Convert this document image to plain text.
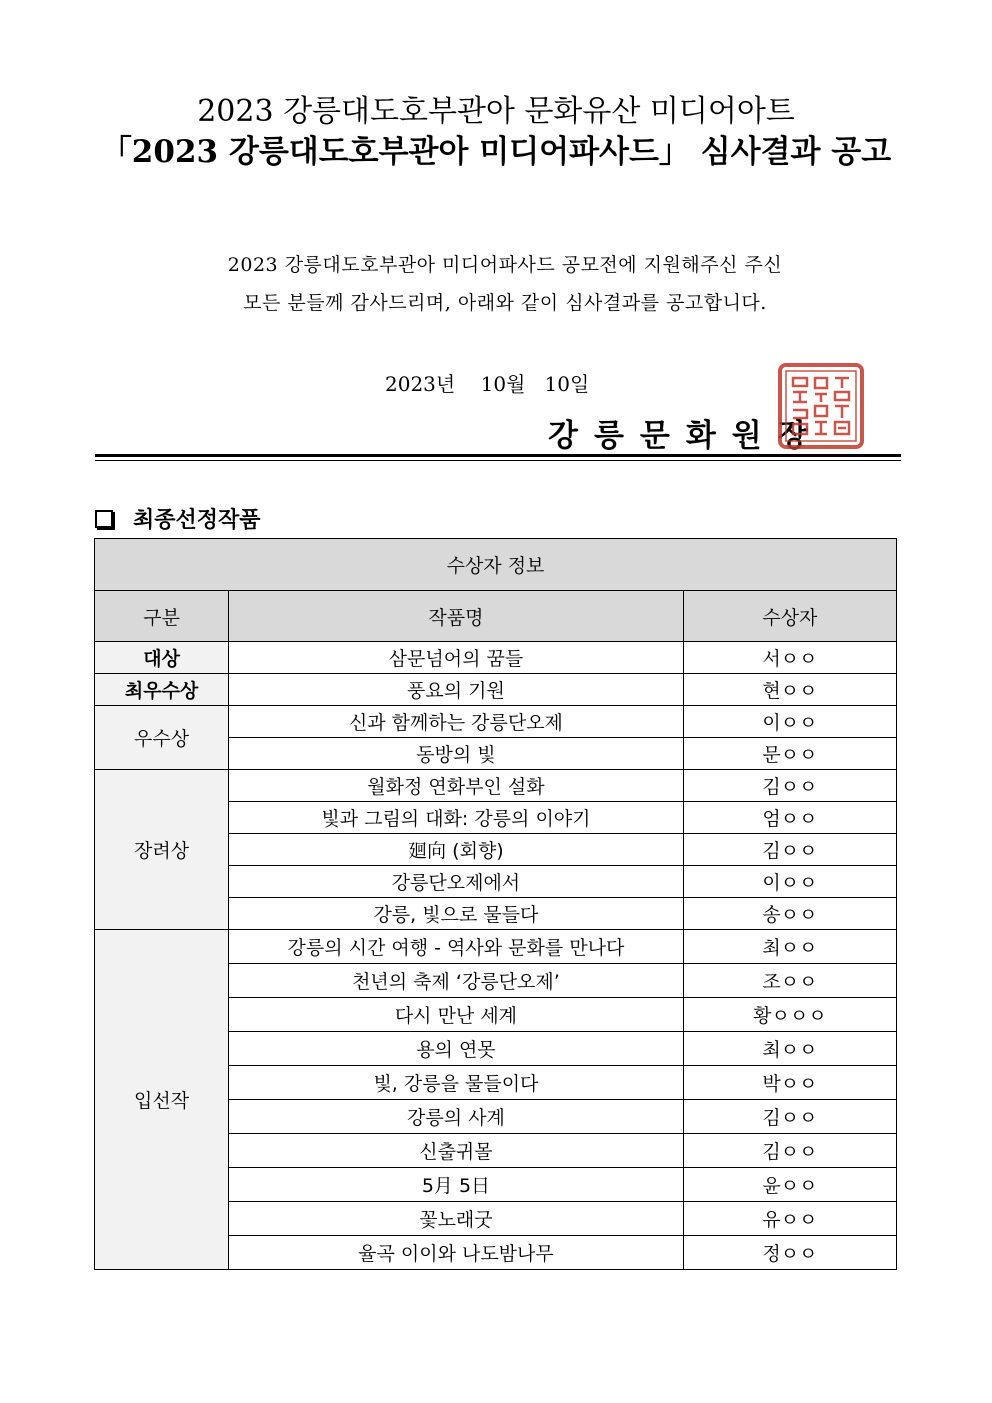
2023 강릉대도호부관아 문화유산 미디어아트
「2023 강릉대도호부관아 미디어파사드」 심사결과 공고
2023 강릉대도호부관아 미디어파사드 공모전에 지원해주신 주신
모든 분들께 감사드리며, 아래와 같이 심사결과를 공고합니다.
2023년    10월   10일
강릉문화원장
최종선정작품
수상자 정보		
구분	작품명	수상자
대상	삼문넘어의 꿈들	서ㅇㅇ
최우수상	풍요의 기원	현ㅇㅇ
우수상	신과 함께하는 강릉단오제	이ㅇㅇ
	동방의 빛	문ㅇㅇ
장려상	월화정 연화부인 설화	김ㅇㅇ
	빛과 그림의 대화: 강릉의 이야기	엄ㅇㅇ
	廻向 (회향)	김ㅇㅇ
	강릉단오제에서	이ㅇㅇ
	강릉, 빛으로 물들다	송ㅇㅇ
입선작	강릉의 시간 여행 - 역사와 문화를 만나다	최ㅇㅇ
	천년의 축제 ‘강릉단오제’	조ㅇㅇ
	다시 만난 세계	황ㅇㅇㅇ
	용의 연못	최ㅇㅇ
	빛, 강릉을 물들이다	박ㅇㅇ
	강릉의 사계	김ㅇㅇ
	신출귀몰	김ㅇㅇ
	5月 5日	윤ㅇㅇ
	꽃노래굿	유ㅇㅇ
	율곡 이이와 나도밤나무	정ㅇㅇ
